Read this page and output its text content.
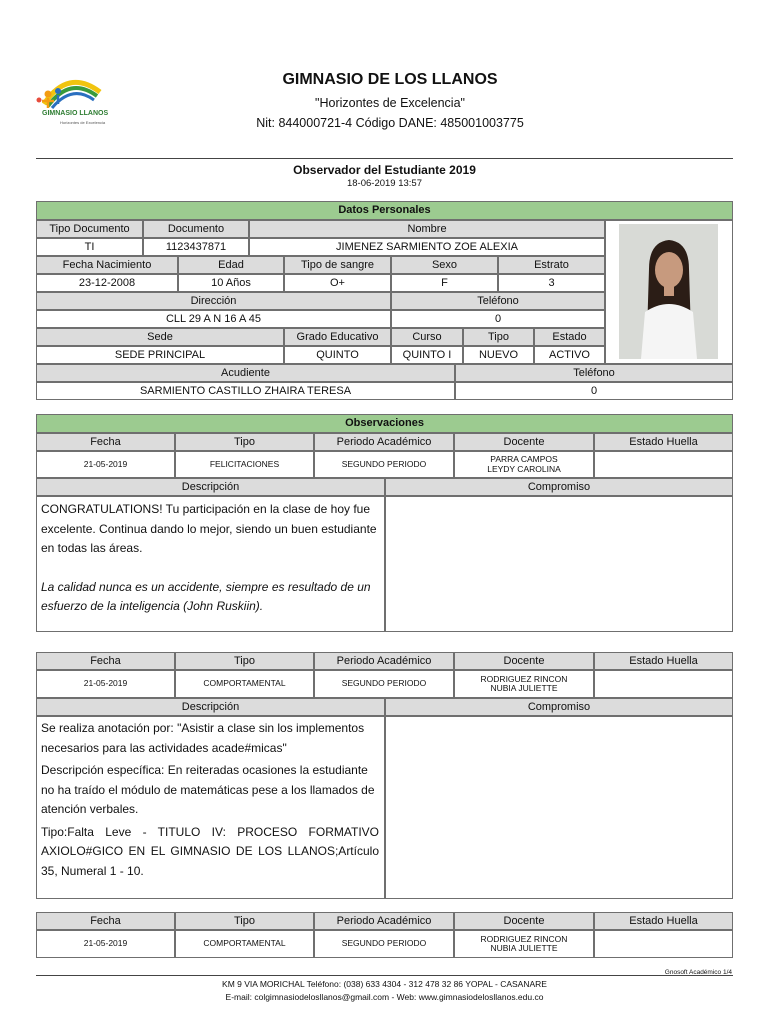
GIMNASIO LLANOS
Horizontes de Excelencia
GIMNASIO DE LOS LLANOS
"Horizontes de Excelencia"
Nit: 844000721-4 Código DANE: 485001003775
Observador del Estudiante 2019
18-06-2019 13:57
Datos Personales
Tipo Documento	Documento	Nombre
TI	1123437871	JIMENEZ SARMIENTO ZOE ALEXIA
Fecha Nacimiento	Edad	Tipo de sangre	Sexo	Estrato
23-12-2008	10 Años	O+	F	3
Dirección	Teléfono
CLL 29 A N 16 A 45	0
Sede	Grado Educativo	Curso	Tipo	Estado
SEDE PRINCIPAL	QUINTO	QUINTO I	NUEVO	ACTIVO
Acudiente	Teléfono
SARMIENTO CASTILLO ZHAIRA TERESA	0
Observaciones
Fecha	Tipo	Periodo Académico	Docente	Estado Huella
21-05-2019	FELICITACIONES	SEGUNDO PERIODO	PARRA CAMPOS
LEYDY CAROLINA
Descripción	Compromiso

CONGRATULATIONS! Tu participación en la clase de hoy fue excelente. Continua dando lo mejor, siendo un buen estudiante en todas las áreas.

La calidad nunca es un accidente, siempre es resultado de un esfuerzo de la inteligencia (John Ruskiin).

Fecha	Tipo	Periodo Académico	Docente	Estado Huella
21-05-2019	COMPORTAMENTAL	SEGUNDO PERIODO	RODRIGUEZ RINCON
NUBIA JULIETTE
Descripción	Compromiso

Se realiza anotación por: "Asistir a clase sin los implementos necesarios para las actividades acade#micas"

Descripción específica: En reiteradas ocasiones la estudiante no ha traído el módulo de matemáticas pese a los llamados de atención verbales.

Tipo:Falta Leve - TITULO IV: PROCESO FORMATIVO AXIOLO#GICO EN EL GIMNASIO DE LOS LLANOS;Artículo 35, Numeral 1 - 10.

Fecha	Tipo	Periodo Académico	Docente	Estado Huella
21-05-2019	COMPORTAMENTAL	SEGUNDO PERIODO	RODRIGUEZ RINCON
NUBIA JULIETTE
Gnosoft Académico 1/4
KM 9 VIA MORICHAL Teléfono: (038) 633 4304 - 312 478 32 86 YOPAL - CASANARE
E-mail: colgimnasiodelosllanos@gmail.com - Web: www.gimnasiodelosllanos.edu.co
